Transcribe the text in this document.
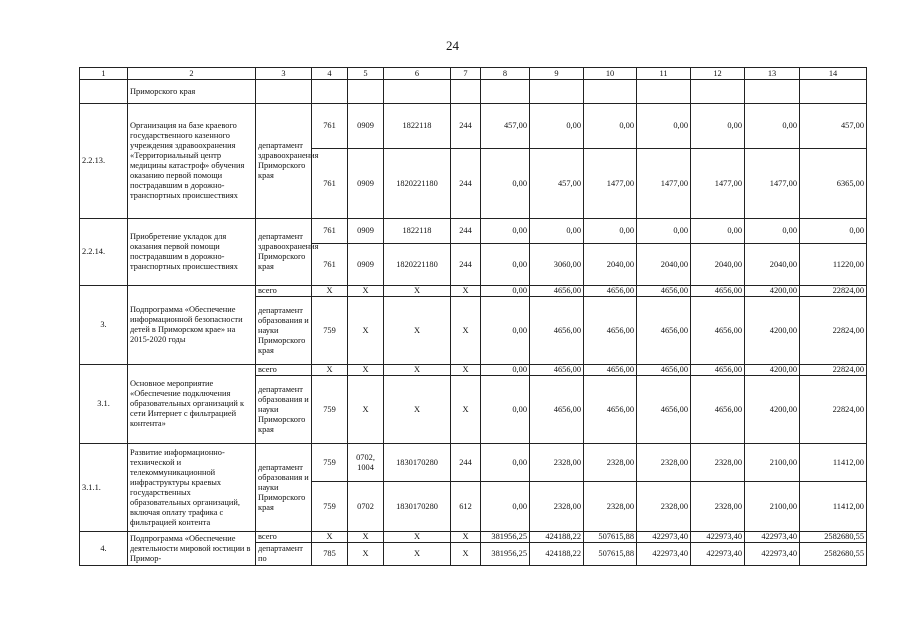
24
1	2	3	4	5	6	7	8	9	10	11	12	13	14
	Приморского края												
2.2.13.	Организация на базе краевого государственного казенного учреждения здравоохранения «Территориальный центр медицины катастроф» обучения оказанию первой помощи пострадавшим в дорожно-транспортных происшествиях	департамент здравоохранения Приморского края	761	0909	1822118	244	457,00	0,00	0,00	0,00	0,00	0,00	457,00
			761	0909	1820221180	244	0,00	457,00	1477,00	1477,00	1477,00	1477,00	6365,00
2.2.14.	Приобретение укладок для оказания первой помощи пострадавшим в дорожно-транспортных происшествиях	департамент здравоохранения Приморского края	761	0909	1822118	244	0,00	0,00	0,00	0,00	0,00	0,00	0,00
			761	0909	1820221180	244	0,00	3060,00	2040,00	2040,00	2040,00	2040,00	11220,00
3.	Подпрограмма «Обеспечение информационной безопасности детей в Приморском крае» на 2015-2020 годы	всего	Х	Х	Х	Х	0,00	4656,00	4656,00	4656,00	4656,00	4200,00	22824,00
		департамент образования и науки Приморского края	759	Х	Х	Х	0,00	4656,00	4656,00	4656,00	4656,00	4200,00	22824,00
3.1.	Основное мероприятие «Обеспечение подключения образовательных организаций к сети Интернет с фильтрацией контента»	всего	Х	Х	Х	Х	0,00	4656,00	4656,00	4656,00	4656,00	4200,00	22824,00
		департамент образования и науки Приморского края	759	Х	Х	Х	0,00	4656,00	4656,00	4656,00	4656,00	4200,00	22824,00
3.1.1.	Развитие информационно-технической и телекоммуникационной инфраструктуры краевых государственных образовательных организаций, включая оплату трафика с фильтрацией контента	департамент образования и науки Приморского края	759	0702, 1004	1830170280	244	0,00	2328,00	2328,00	2328,00	2328,00	2100,00	11412,00
			759	0702	1830170280	612	0,00	2328,00	2328,00	2328,00	2328,00	2100,00	11412,00
4.	Подпрограмма «Обеспечение деятельности мировой юстиции в Примор-	всего	Х	Х	Х	Х	381956,25	424188,22	507615,88	422973,40	422973,40	422973,40	2582680,55
		департамент по	785	Х	Х	Х	381956,25	424188,22	507615,88	422973,40	422973,40	422973,40	2582680,55
